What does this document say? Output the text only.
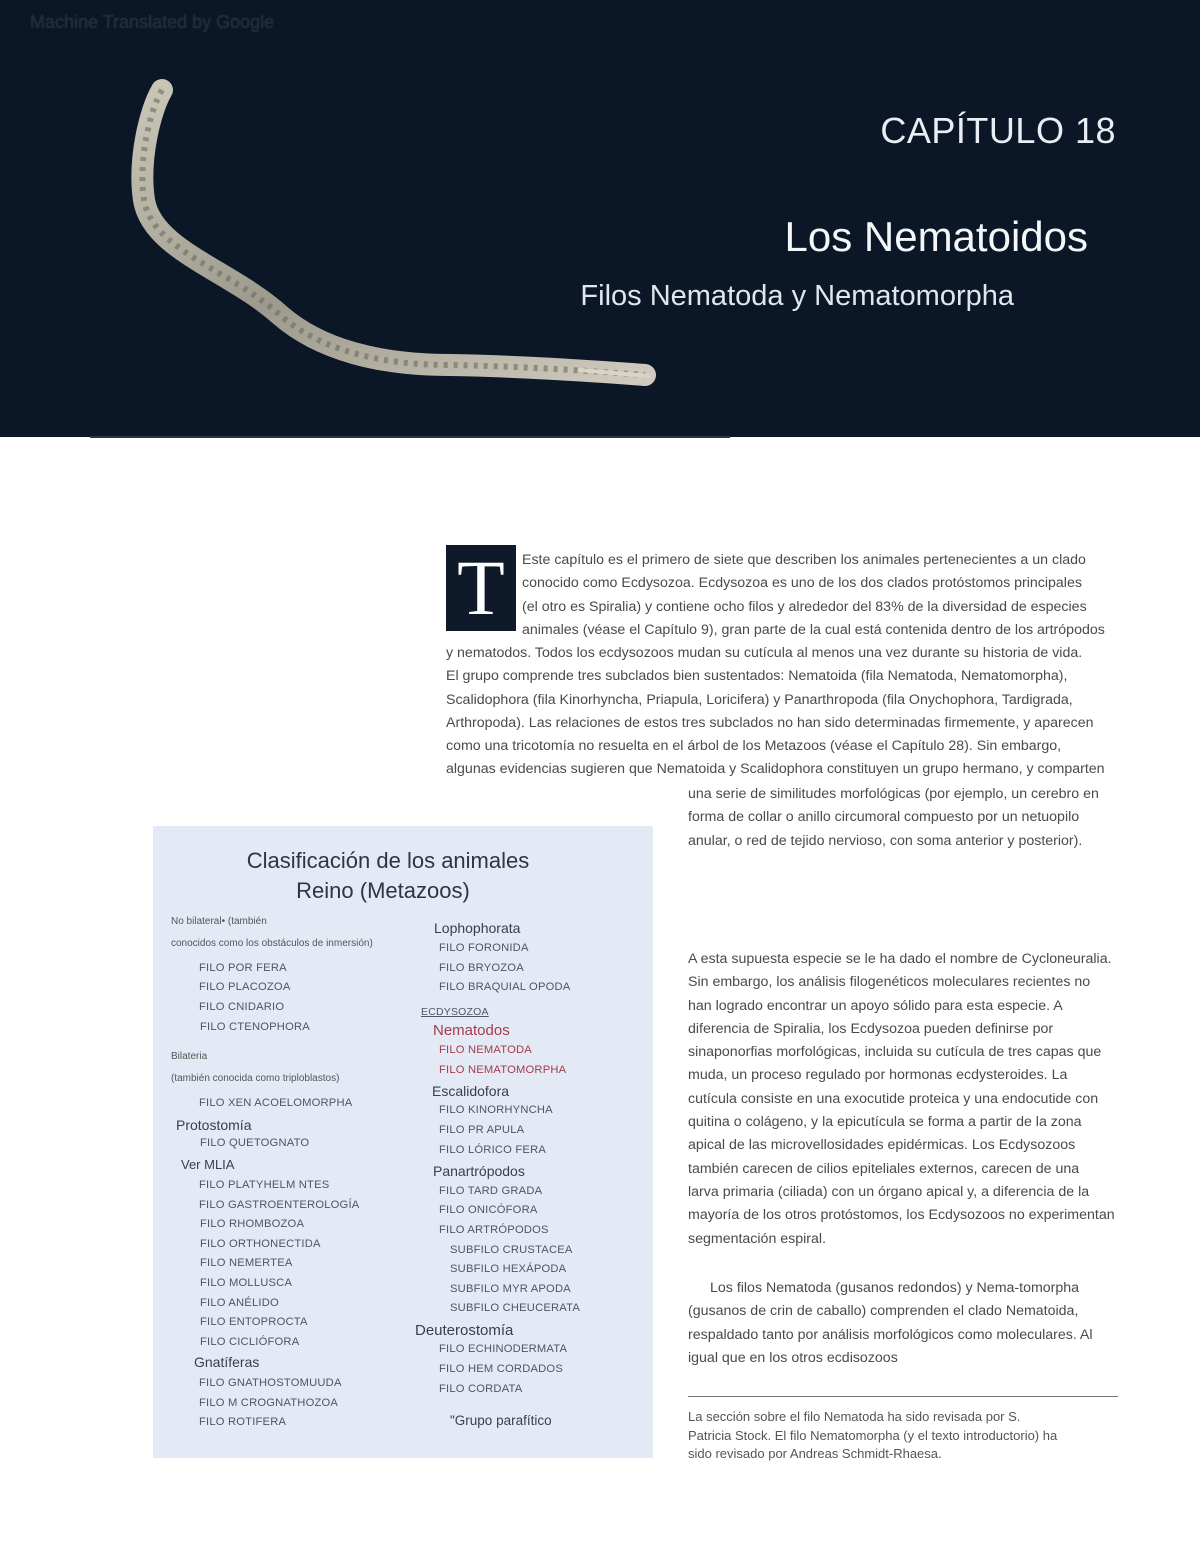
Machine Translated by Google
CAPÍTULO 18
Los Nematoidos
Filos Nematoda y Nematomorpha
T	Este capítulo es el primero de siete que describen los animales pertenecientes a un clado
conocido como Ecdysozoa. Ecdysozoa es uno de los dos clados protóstomos principales
(el otro es Spiralia) y contiene ocho filos y alrededor del 83% de la diversidad de especies
animales (véase el Capítulo 9), gran parte de la cual está contenida dentro de los artrópodos
y nematodos. Todos los ecdysozoos mudan su cutícula al menos una vez durante su historia de vida.
El grupo comprende tres subclados bien sustentados: Nematoida (fila Nematoda, Nematomorpha),
Scalidophora (fila Kinorhyncha, Priapula, Loricifera) y Panarthropoda (fila Onychophora, Tardigrada,
Arthropoda). Las relaciones de estos tres subclados no han sido determinadas firmemente, y aparecen
como una tricotomía no resuelta en el árbol de los Metazoos (véase el Capítulo 28). Sin embargo,
algunas evidencias sugieren que Nematoida y Scalidophora constituyen un grupo hermano, y comparten
una serie de similitudes morfológicas (por ejemplo, un cerebro en
forma de collar o anillo circumoral compuesto por un netuopilo
anular, o red de tejido nervioso, con soma anterior y posterior).
A esta supuesta especie se le ha dado el nombre de Cycloneuralia.
Sin embargo, los análisis filogenéticos moleculares recientes no
han logrado encontrar un apoyo sólido para esta especie. A
diferencia de Spiralia, los Ecdysozoa pueden definirse por
sinaponorfias morfológicas, incluida su cutícula de tres capas que
muda, un proceso regulado por hormonas ecdysteroides. La
cutícula consiste en una exocutide proteica y una endocutide con
quitina o colágeno, y la epicutícula se forma a partir de la zona
apical de las microvellosidades epidérmicas. Los Ecdysozoos
también carecen de cilios epiteliales externos, carecen de una
larva primaria (ciliada) con un órgano apical y, a diferencia de la
mayoría de los otros protóstomos, los Ecdysozoos no experimentan
segmentación espiral.
Los filos Nematoda (gusanos redondos) y Nema-tomorpha
(gusanos de crin de caballo) comprenden el clado Nematoida,
respaldado tanto por análisis morfológicos como moleculares. Al
igual que en los otros ecdisozoos
La sección sobre el filo Nematoda ha sido revisada por S.
Patricia Stock. El filo Nematomorpha (y el texto introductorio) ha
sido revisado por Andreas Schmidt-Rhaesa.
Clasificación de los animales
Reino (Metazoos)
No bilateral• (también
conocidos como los obstáculos de inmersión)
FILO POR FERA
FILO PLACOZOA
FILO CNIDARIO
FILO CTENOPHORA
Bilateria
(también conocida como triploblastos)
FILO XEN ACOELOMORPHA
Protostomía
FILO QUETOGNATO
Ver MLIA
FILO PLATYHELM NTES
FILO GASTROENTEROLOGÍA
FILO RHOMBOZOA
FILO ORTHONECTIDA
FILO NEMERTEA
FILO MOLLUSCA
FILO ANÉLIDO
FILO ENTOPROCTA
FILO CICLIÓFORA
Gnatíferas
FILO GNATHOSTOMUUDA
FILO M CROGNATHOZOA
FILO ROTIFERA
Lophophorata
FILO FORONIDA
FILO BRYOZOA
FILO BRAQUIAL OPODA
ECDYSOZOA
Nematodos
FILO NEMATODA
FILO NEMATOMORPHA
Escalidofora
FILO KINORHYNCHA
FILO PR APULA
FILO LÓRICO FERA
Panartrópodos
FILO TARD GRADA
FILO ONICÓFORA
FILO ARTRÓPODOS
SUBFILO CRUSTACEA
SUBFILO HEXÁPODA
SUBFILO MYR APODA
SUBFILO CHEUCERATA
Deuterostomía
FILO ECHINODERMATA
FILO HEM CORDADOS
FILO CORDATA
"Grupo parafítico
